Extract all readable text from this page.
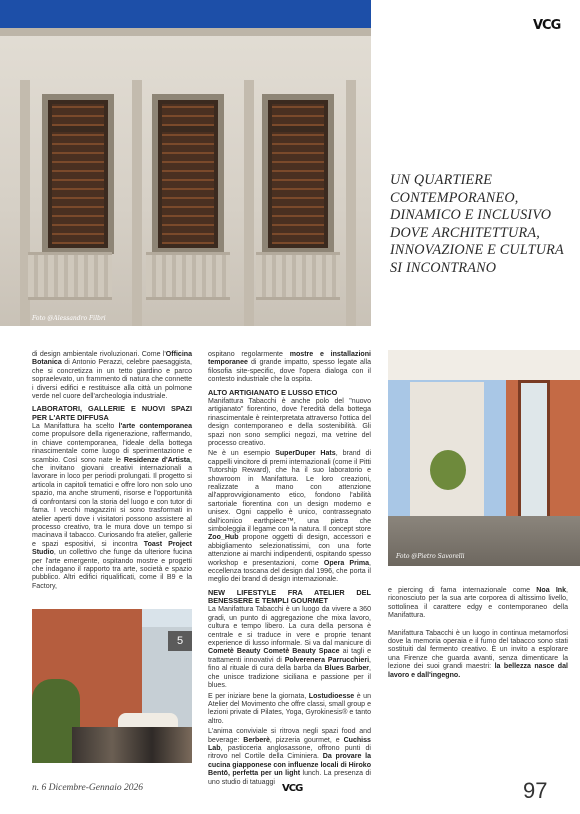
VCG
Foto @Alessandro Filbri
UN QUARTIERE CONTEMPORANEO, DINAMICO E INCLUSIVO DOVE ARCHITETTURA, INNOVAZIONE E CULTURA SI INCONTRANO

di design ambientale rivoluzionari. Come l'Officina Botanica di Antonio Perazzi, celebre paesaggista, che si concretizza in un tetto giardino e parco sopraelevato, un frammento di natura che connette i diversi edifici e restituisce alla città un polmone verde nel cuore dell'archeologia industriale.

LABORATORI, GALLERIE E NUOVI SPAZI PER L'ARTE DIFFUSA

La Manifattura ha scelto l'arte contemporanea come propulsore della rigenerazione, raffermando, in chiave contemporanea, l'ideale della bottega rinascimentale come luogo di sperimentazione e scambio. Così sono nate le Residenze d'Artista, che invitano giovani creativi internazionali a lavorare in loco per periodi prolungati. Il progetto si articola in capitoli tematici e offre loro non solo uno spazio, ma anche strumenti, risorse e l'opportunità di confrontarsi con la storia del luogo e con tutor di fama. I vecchi magazzini si sono trasformati in atelier aperti dove i visitatori possono assistere al processo creativo, tra le mura dove un tempo si macinava il tabacco. Curiosando fra atelier, gallerie e spazi espositivi, si incontra Toast Project Studio, un collettivo che funge da ulteriore fucina per l'arte emergente, ospitando mostre e progetti che indagano il rapporto tra arte, società e spazio pubblico. Altri edifici riqualificati, come il B9 e la Factory,

5

ospitano regolarmente mostre e installazioni temporanee di grande impatto, spesso legate alla filosofia site-specific, dove l'opera dialoga con il contesto industriale che la ospita.

ALTO ARTIGIANATO E LUSSO ETICO

Manifattura Tabacchi è anche polo del "nuovo artigianato" fiorentino, dove l'eredità della bottega rinascimentale è reinterpretata attraverso l'ottica del design contemporaneo e della sostenibilità. Gli spazi non sono semplici negozi, ma vetrine del processo creativo.

Ne è un esempio SuperDuper Hats, brand di cappelli vincitore di premi internazionali (come il Pitti Tutorship Reward), che ha il suo laboratorio e showroom in Manifattura. Le loro creazioni, realizzate a mano con attenzione all'approvvigionamento etico, fondono l'abilità sartoriale fiorentina con un design moderno e unisex. Ogni cappello è unico, contrassegnato dall'iconico earthpiece™, una pietra che simboleggia il legame con la natura. Il concept store Zoo_Hub propone oggetti di design, accessori e abbigliamento selezionatissimi, con una forte attenzione ai marchi indipendenti, ospitando spesso workshop e presentazioni, come Opera Prima, eccellenza toscana del design dal 1996, che porta il meglio dei brand di design internazionale.

NEW LIFESTYLE FRA ATELIER DEL BENESSERE E TEMPLI GOURMET

La Manifattura Tabacchi è un luogo da vivere a 360 gradi, un punto di aggregazione che mixa lavoro, cultura e tempo libero. La cura della persona è centrale e si traduce in vere e proprie tenant experience di lusso informale. Si va dal manicure di Cometè Beauty Cometè Beauty Space ai tagli e trattamenti innovativi di Polverenera Parrucchieri, fino al rituale di cura della barba da Blues Barber, che unisce tradizione siciliana e passione per il blues.

E per iniziare bene la giornata, Lostudioesse è un Atelier del Movimento che offre classi, small group e lezioni private di Pilates, Yoga, Gyrokinesis® e tanto altro.

L'anima conviviale si ritrova negli spazi food and beverage: Berberè, pizzeria gourmet, e Cuchiss Lab, pasticceria anglosassone, offrono punti di ritrovo nel Cortile della Ciminiera. Da provare la cucina giapponese con influenze locali di Hiroko Bentō, perfetta per un light lunch. La presenza di uno studio di tatuaggi

Foto @Pietro Savorelli

e piercing di fama internazionale come Noa Ink, riconosciuto per la sua arte corporea di altissimo livello, sottolinea il carattere edgy e contemporaneo della Manifattura.

Manifattura Tabacchi è un luogo in continua metamorfosi dove la memoria operaia e il fumo del tabacco sono stati sostituiti dal fermento creativo. È un invito a esplorare una Firenze che guarda avanti, senza dimenticare la lezione dei suoi grandi maestri: la bellezza nasce dal lavoro e dall'ingegno.

n. 6 Dicembre-Gennaio 2026	VCG	97
